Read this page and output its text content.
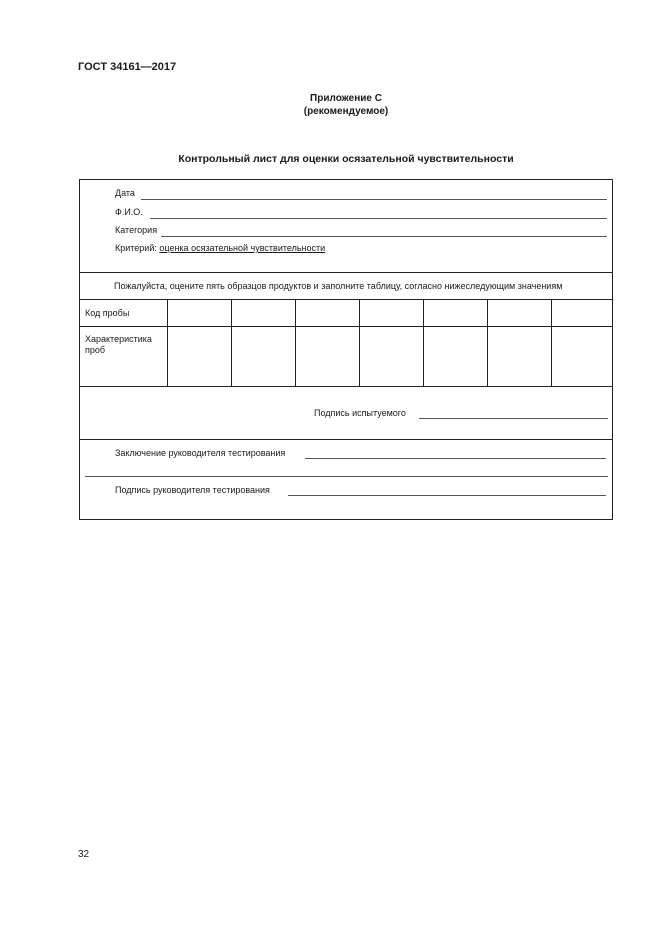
ГОСТ 34161—2017
Приложение С
(рекомендуемое)
Контрольный лист для оценки осязательной чувствительности
Дата
Ф.И.О.
Категория
Критерий: оценка осязательной чувствительности
Пожалуйста, оцените пять образцов продуктов и заполните таблицу, согласно нижеследующим значениям
Код пробы
Характеристика проб
Подпись испытуемого
Заключение руководителя тестирования
Подпись руководителя тестирования
32
